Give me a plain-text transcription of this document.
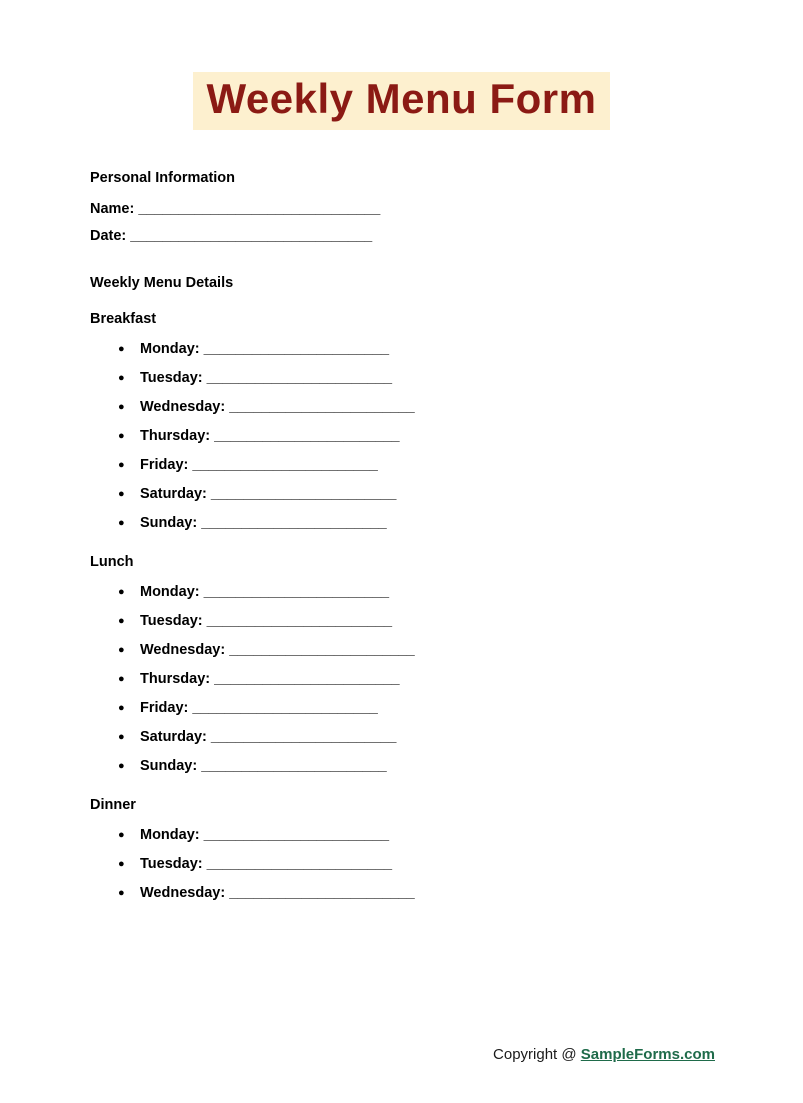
Weekly Menu Form
Personal Information
Name: ______________________________
Date: ______________________________
Weekly Menu Details
Breakfast
● Monday: _______________________
● Tuesday: _______________________
● Wednesday: _______________________
● Thursday: _______________________
● Friday: _______________________
● Saturday: _______________________
● Sunday: _______________________
Lunch
● Monday: _______________________
● Tuesday: _______________________
● Wednesday: _______________________
● Thursday: _______________________
● Friday: _______________________
● Saturday: _______________________
● Sunday: _______________________
Dinner
● Monday: _______________________
● Tuesday: _______________________
● Wednesday: _______________________
Copyright @ SampleForms.com
